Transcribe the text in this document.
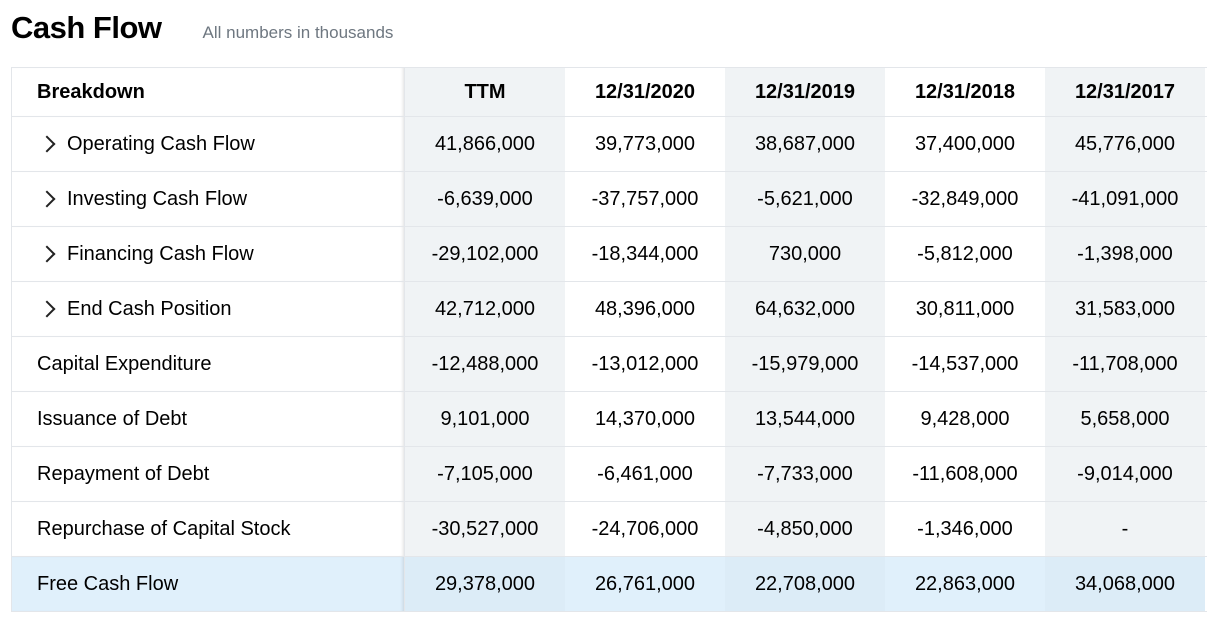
Cash Flow All numbers in thousands
Breakdown	TTM	12/31/2020	12/31/2019	12/31/2018	12/31/2017
Operating Cash Flow	41,866,000	39,773,000	38,687,000	37,400,000	45,776,000
Investing Cash Flow	-6,639,000	-37,757,000	-5,621,000	-32,849,000	-41,091,000
Financing Cash Flow	-29,102,000	-18,344,000	730,000	-5,812,000	-1,398,000
End Cash Position	42,712,000	48,396,000	64,632,000	30,811,000	31,583,000
Capital Expenditure	-12,488,000	-13,012,000	-15,979,000	-14,537,000	-11,708,000
Issuance of Debt	9,101,000	14,370,000	13,544,000	9,428,000	5,658,000
Repayment of Debt	-7,105,000	-6,461,000	-7,733,000	-11,608,000	-9,014,000
Repurchase of Capital Stock	-30,527,000	-24,706,000	-4,850,000	-1,346,000	-
Free Cash Flow	29,378,000	26,761,000	22,708,000	22,863,000	34,068,000
